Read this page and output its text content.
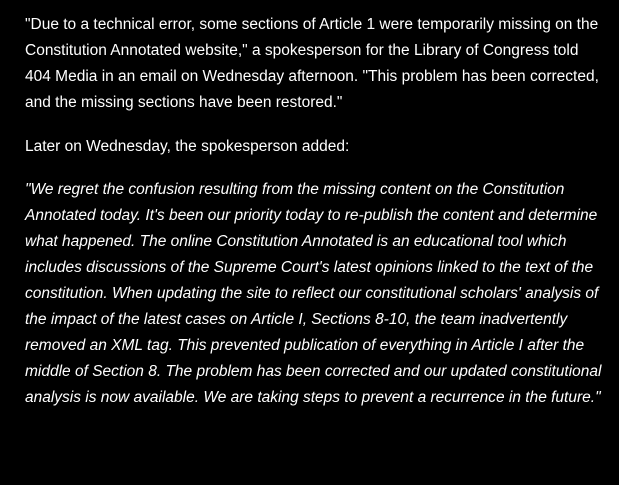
"Due to a technical error, some sections of Article 1 were temporarily missing on the Constitution Annotated website," a spokesperson for the Library of Congress told 404 Media in an email on Wednesday afternoon. "This problem has been corrected, and the missing sections have been restored."

Later on Wednesday, the spokesperson added:

"We regret the confusion resulting from the missing content on the Constitution Annotated today. It's been our priority today to re-publish the content and determine what happened. The online Constitution Annotated is an educational tool which includes discussions of the Supreme Court's latest opinions linked to the text of the constitution. When updating the site to reflect our constitutional scholars' analysis of the impact of the latest cases on Article I, Sections 8-10, the team inadvertently removed an XML tag. This prevented publication of everything in Article I after the middle of Section 8. The problem has been corrected and our updated constitutional analysis is now available. We are taking steps to prevent a recurrence in the future."
